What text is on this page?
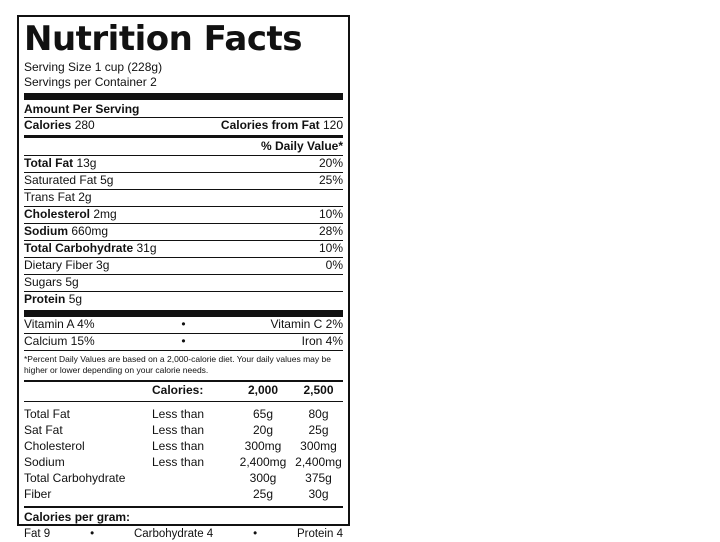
Nutrition Facts
Serving Size 1 cup (228g)
Servings per Container 2
Amount Per Serving
Calories 280	Calories from Fat 120
% Daily Value*
Total Fat 13g	20%
Saturated Fat 5g	25%
Trans Fat 2g
Cholesterol 2mg	10%
Sodium 660mg	28%
Total Carbohydrate 31g	10%
Dietary Fiber 3g	0%
Sugars 5g
Protein 5g
Vitamin A 4%	•	Vitamin C 2%
Calcium 15%	•	Iron 4%
*Percent Daily Values are based on a 2,000-calorie diet. Your daily values may be higher or lower depending on your calorie needs.
	Calories:	2,000	2,500
Total Fat	Less than	65g	80g
Sat Fat	Less than	20g	25g
Cholesterol	Less than	300mg	300mg
Sodium	Less than	2,400mg	2,400mg
Total Carbohydrate		300g	375g
Fiber		25g	30g
Calories per gram:
Fat 9	•	Carbohydrate 4	•	Protein 4
